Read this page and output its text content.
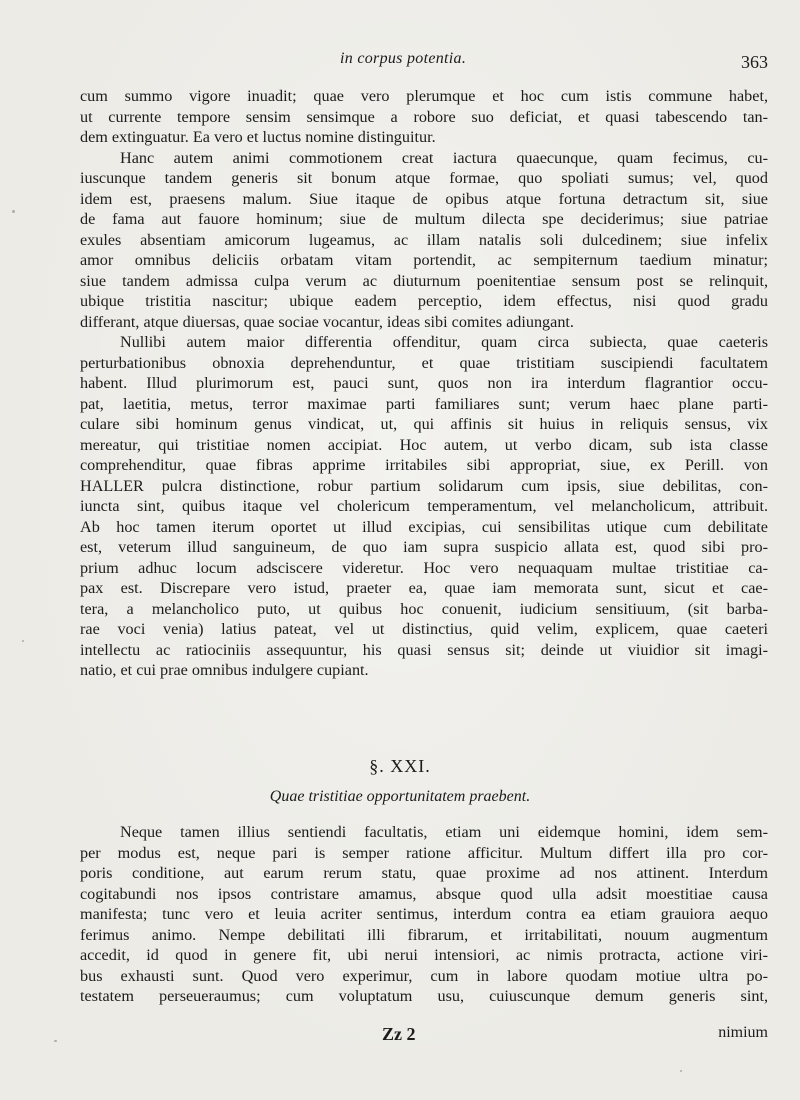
in corpus potentia.	363
cum summo vigore inuadit; quae vero plerumque et hoc cum istis commune habet,
ut currente tempore sensim sensimque a robore suo deficiat, et quasi tabescendo tan-
dem extinguatur. Ea vero et luctus nomine distinguitur.
Hanc autem animi commotionem creat iactura quaecunque, quam fecimus, cu-
iuscunque tandem generis sit bonum atque formae, quo spoliati sumus; vel, quod
idem est, praesens malum. Siue itaque de opibus atque fortuna detractum sit, siue
de fama aut fauore hominum; siue de multum dilecta spe deciderimus; siue patriae
exules absentiam amicorum lugeamus, ac illam natalis soli dulcedinem; siue infelix
amor omnibus deliciis orbatam vitam portendit, ac sempiternum taedium minatur;
siue tandem admissa culpa verum ac diuturnum poenitentiae sensum post se relinquit,
ubique tristitia nascitur; ubique eadem perceptio, idem effectus, nisi quod gradu
differant, atque diuersas, quae sociae vocantur, ideas sibi comites adiungant.
Nullibi autem maior differentia offenditur, quam circa subiecta, quae caeteris
perturbationibus obnoxia deprehenduntur, et quae tristitiam suscipiendi facultatem
habent. Illud plurimorum est, pauci sunt, quos non ira interdum flagrantior occu-
pat, laetitia, metus, terror maximae parti familiares sunt; verum haec plane parti-
culare sibi hominum genus vindicat, ut, qui affinis sit huius in reliquis sensus, vix
mereatur, qui tristitiae nomen accipiat. Hoc autem, ut verbo dicam, sub ista classe
comprehenditur, quae fibras apprime irritabiles sibi appropriat, siue, ex Perill. von
HALLER pulcra distinctione, robur partium solidarum cum ipsis, siue debilitas, con-
iuncta sint, quibus itaque vel cholericum temperamentum, vel melancholicum, attribuit.
Ab hoc tamen iterum oportet ut illud excipias, cui sensibilitas utique cum debilitate
est, veterum illud sanguineum, de quo iam supra suspicio allata est, quod sibi pro-
prium adhuc locum adsciscere videretur. Hoc vero nequaquam multae tristitiae ca-
pax est. Discrepare vero istud, praeter ea, quae iam memorata sunt, sicut et cae-
tera, a melancholico puto, ut quibus hoc conuenit, iudicium sensitiuum, (sit barba-
rae voci venia) latius pateat, vel ut distinctius, quid velim, explicem, quae caeteri
intellectu ac ratiociniis assequuntur, his quasi sensus sit; deinde ut viuidior sit imagi-
natio, et cui prae omnibus indulgere cupiant.
§. XXI.
Quae tristitiae opportunitatem praebent.
Neque tamen illius sentiendi facultatis, etiam uni eidemque homini, idem sem-
per modus est, neque pari is semper ratione afficitur. Multum differt illa pro cor-
poris conditione, aut earum rerum statu, quae proxime ad nos attinent. Interdum
cogitabundi nos ipsos contristare amamus, absque quod ulla adsit moestitiae causa
manifesta; tunc vero et leuia acriter sentimus, interdum contra ea etiam grauiora aequo
ferimus animo. Nempe debilitati illi fibrarum, et irritabilitati, nouum augmentum
accedit, id quod in genere fit, ubi nerui intensiori, ac nimis protracta, actione viri-
bus exhausti sunt. Quod vero experimur, cum in labore quodam motiue ultra po-
testatem perseueraumus; cum voluptatum usu, cuiuscunque demum generis sint,
Zz 2	nimium
